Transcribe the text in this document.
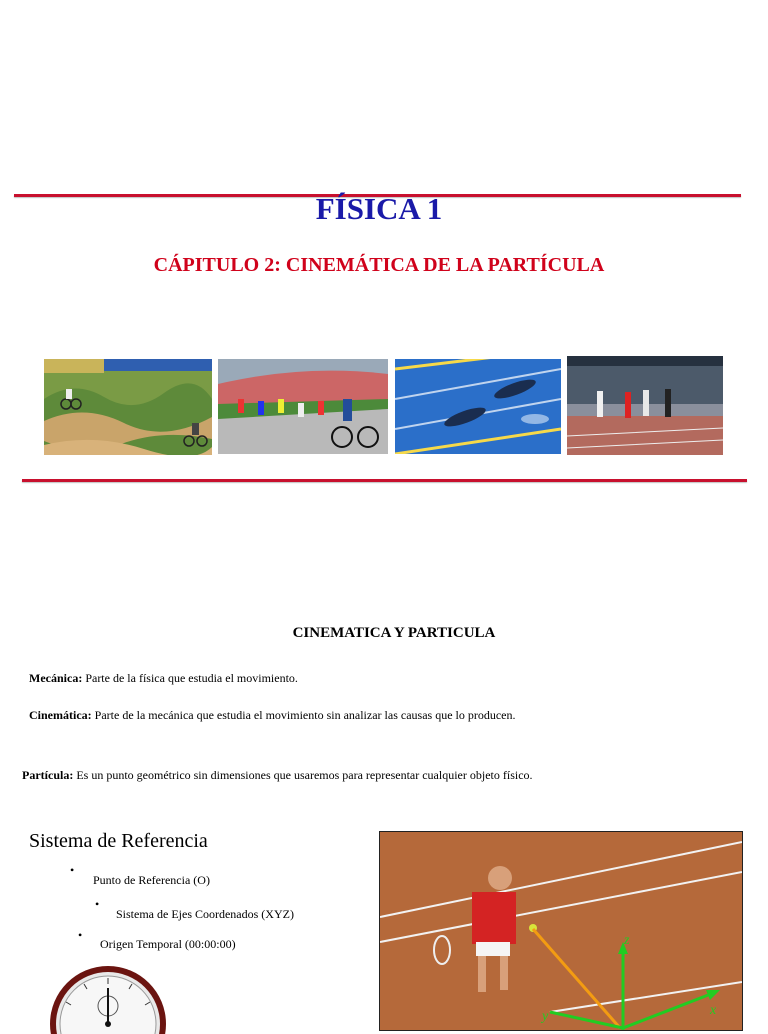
FÍSICA 1
CÁPITULO 2: CINEMÁTICA DE LA PARTÍCULA
CINEMATICA Y PARTICULA
Mecánica: Parte de la física que estudia el movimiento.
Cinemática: Parte de la mecánica que estudia el movimiento sin analizar las causas que lo producen.
Partícula: Es un punto geométrico sin dimensiones que usaremos para representar cualquier objeto físico.
Sistema de Referencia
•
Punto de Referencia (O)
•
Sistema de Ejes Coordenados (XYZ)
•
Origen Temporal (00:00:00)	z
y	x
